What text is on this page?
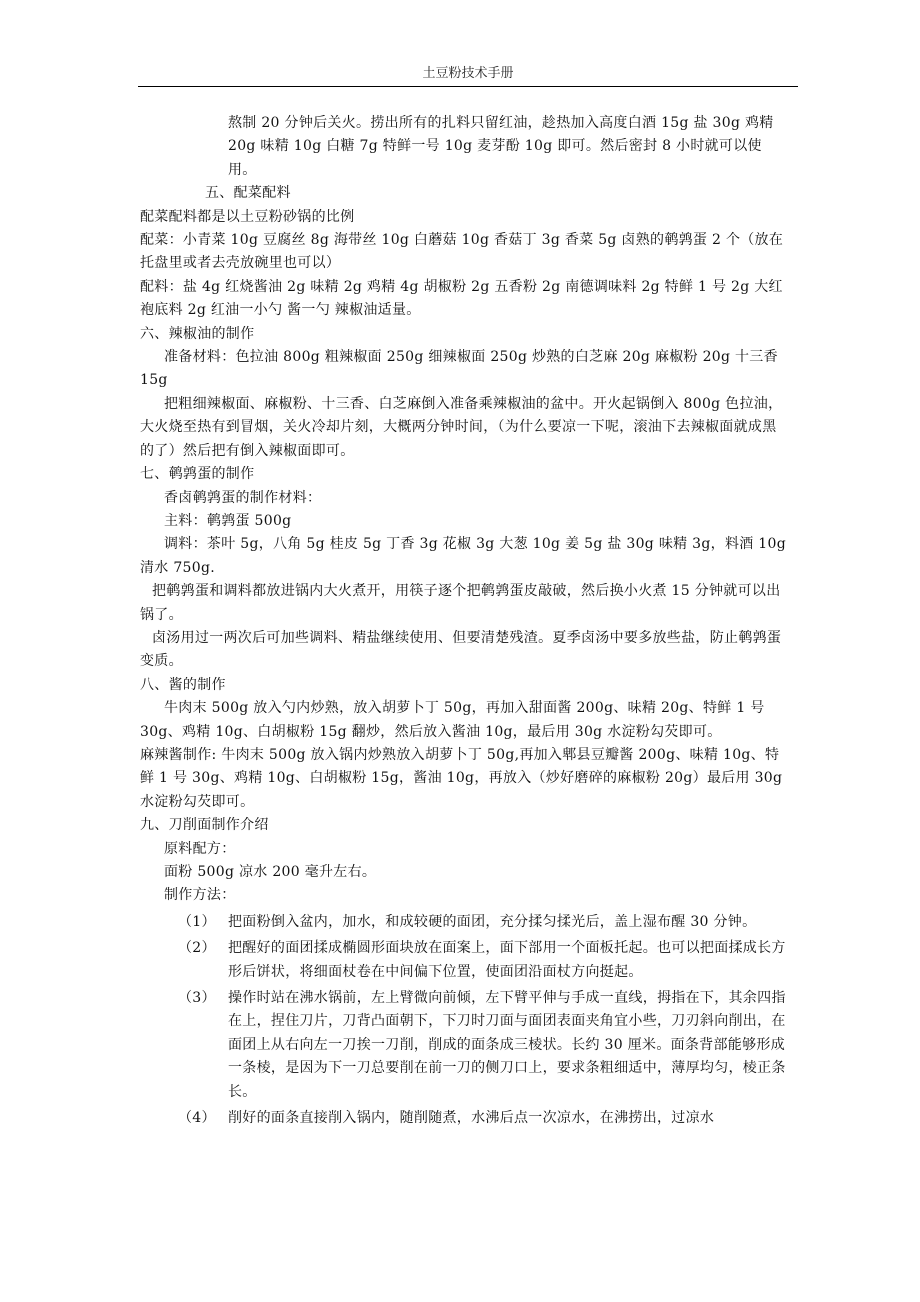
土豆粉技术手册

熬制 20 分钟后关火。捞出所有的扎料只留红油，趁热加入高度白酒 15g 盐 30g 鸡精 20g 味精 10g 白糖 7g 特鲜一号 10g 麦芽酚 10g 即可。然后密封 8 小时就可以使用。

五、配菜配料

配菜配料都是以土豆粉砂锅的比例

配菜：小青菜 10g 豆腐丝 8g 海带丝 10g 白蘑菇 10g 香菇丁 3g 香菜 5g 卤熟的鹌鹑蛋 2 个（放在托盘里或者去壳放碗里也可以）

配料：盐 4g 红烧酱油 2g 味精 2g 鸡精 4g 胡椒粉 2g 五香粉 2g 南德调味料 2g 特鲜 1 号 2g 大红袍底料 2g 红油一小勺 酱一勺 辣椒油适量。

六、辣椒油的制作

准备材料：色拉油 800g 粗辣椒面 250g 细辣椒面 250g 炒熟的白芝麻 20g 麻椒粉 20g 十三香 15g

把粗细辣椒面、麻椒粉、十三香、白芝麻倒入准备乘辣椒油的盆中。开火起锅倒入 800g 色拉油，大火烧至热有到冒烟，关火冷却片刻，大概两分钟时间，（为什么要凉一下呢，滚油下去辣椒面就成黑的了）然后把有倒入辣椒面即可。

七、鹌鹑蛋的制作

香卤鹌鹑蛋的制作材料：

主料：鹌鹑蛋 500g

调料：茶叶 5g，八角 5g 桂皮 5g 丁香 3g 花椒 3g 大葱 10g 姜 5g 盐 30g 味精 3g，料酒 10g 清水 750g.

把鹌鹑蛋和调料都放进锅内大火煮开，用筷子逐个把鹌鹑蛋皮敲破，然后换小火煮 15 分钟就可以出锅了。

卤汤用过一两次后可加些调料、精盐继续使用、但要清楚残渣。夏季卤汤中要多放些盐，防止鹌鹑蛋变质。

八、酱的制作

牛肉末 500g 放入勺内炒熟，放入胡萝卜丁 50g，再加入甜面酱 200g、味精 20g、特鲜 1 号 30g、鸡精 10g、白胡椒粉 15g 翻炒，然后放入酱油 10g，最后用 30g 水淀粉勾芡即可。

麻辣酱制作: 牛肉末 500g 放入锅内炒熟放入胡萝卜丁 50g,再加入郫县豆瓣酱 200g、味精 10g、特鲜 1 号 30g、鸡精 10g、白胡椒粉 15g，酱油 10g，再放入（炒好磨碎的麻椒粉 20g）最后用 30g 水淀粉勾芡即可。

九、刀削面制作介绍

原料配方：

面粉 500g 凉水 200 毫升左右。

制作方法：

（1） 把面粉倒入盆内，加水，和成较硬的面团，充分揉匀揉光后，盖上湿布醒 30 分钟。
（2） 把醒好的面团揉成椭圆形面块放在面案上，面下部用一个面板托起。也可以把面揉成长方形后饼状，将细面杖卷在中间偏下位置，使面团沿面杖方向挺起。
（3） 操作时站在沸水锅前，左上臂微向前倾，左下臂平伸与手成一直线，拇指在下，其余四指在上，捏住刀片，刀背凸面朝下，下刀时刀面与面团表面夹角宜小些，刀刃斜向削出，在面团上从右向左一刀挨一刀削，削成的面条成三棱状。长约 30 厘米。面条背部能够形成一条棱，是因为下一刀总要削在前一刀的侧刀口上，要求条粗细适中，薄厚均匀，棱正条长。
（4） 削好的面条直接削入锅内，随削随煮，水沸后点一次凉水，在沸捞出，过凉水
